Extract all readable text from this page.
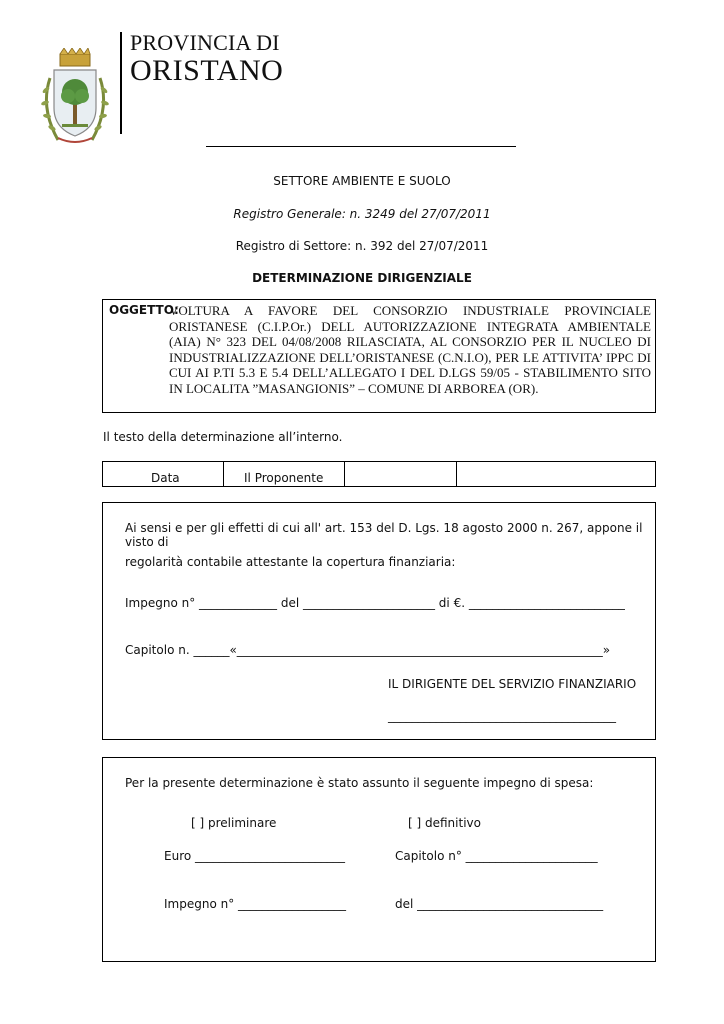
PROVINCIA DI
ORISTANO
SETTORE AMBIENTE E SUOLO
Registro Generale: n. 3249 del 27/07/2011
Registro di Settore: n. 392 del 27/07/2011
DETERMINAZIONE DIRIGENZIALE
OGGETTO:
VOLTURA A FAVORE DEL CONSORZIO INDUSTRIALE PROVINCIALE ORISTANESE (C.I.P.Or.) DELL AUTORIZZAZIONE INTEGRATA AMBIENTALE (AIA) N° 323 DEL 04/08/2008 RILASCIATA, AL CONSORZIO PER IL NUCLEO DI INDUSTRIALIZZAZIONE DELL’ORISTANESE (C.N.I.O), PER LE ATTIVITA’ IPPC DI CUI AI P.TI 5.3 E 5.4 DELL’ALLEGATO I DEL D.LGS 59/05 - STABILIMENTO SITO IN LOCALITA ”MASANGIONIS” – COMUNE DI ARBOREA (OR).
Il testo della determinazione all’interno.
Data	Il Proponente
Ai sensi e per gli effetti di cui all' art. 153 del D. Lgs. 18 agosto 2000 n. 267, appone il visto di
regolarità contabile attestante la copertura finanziaria:
Impegno n° _____________ del ______________________ di €. __________________________
Capitolo n. ______«_____________________________________________________________»
IL DIRIGENTE DEL SERVIZIO FINANZIARIO
______________________________________
Per la presente determinazione è stato assunto il seguente impegno di spesa:
[ ] preliminare	[ ] definitivo
Euro _________________________	Capitolo n° ______________________
Impegno n° __________________	del _______________________________
